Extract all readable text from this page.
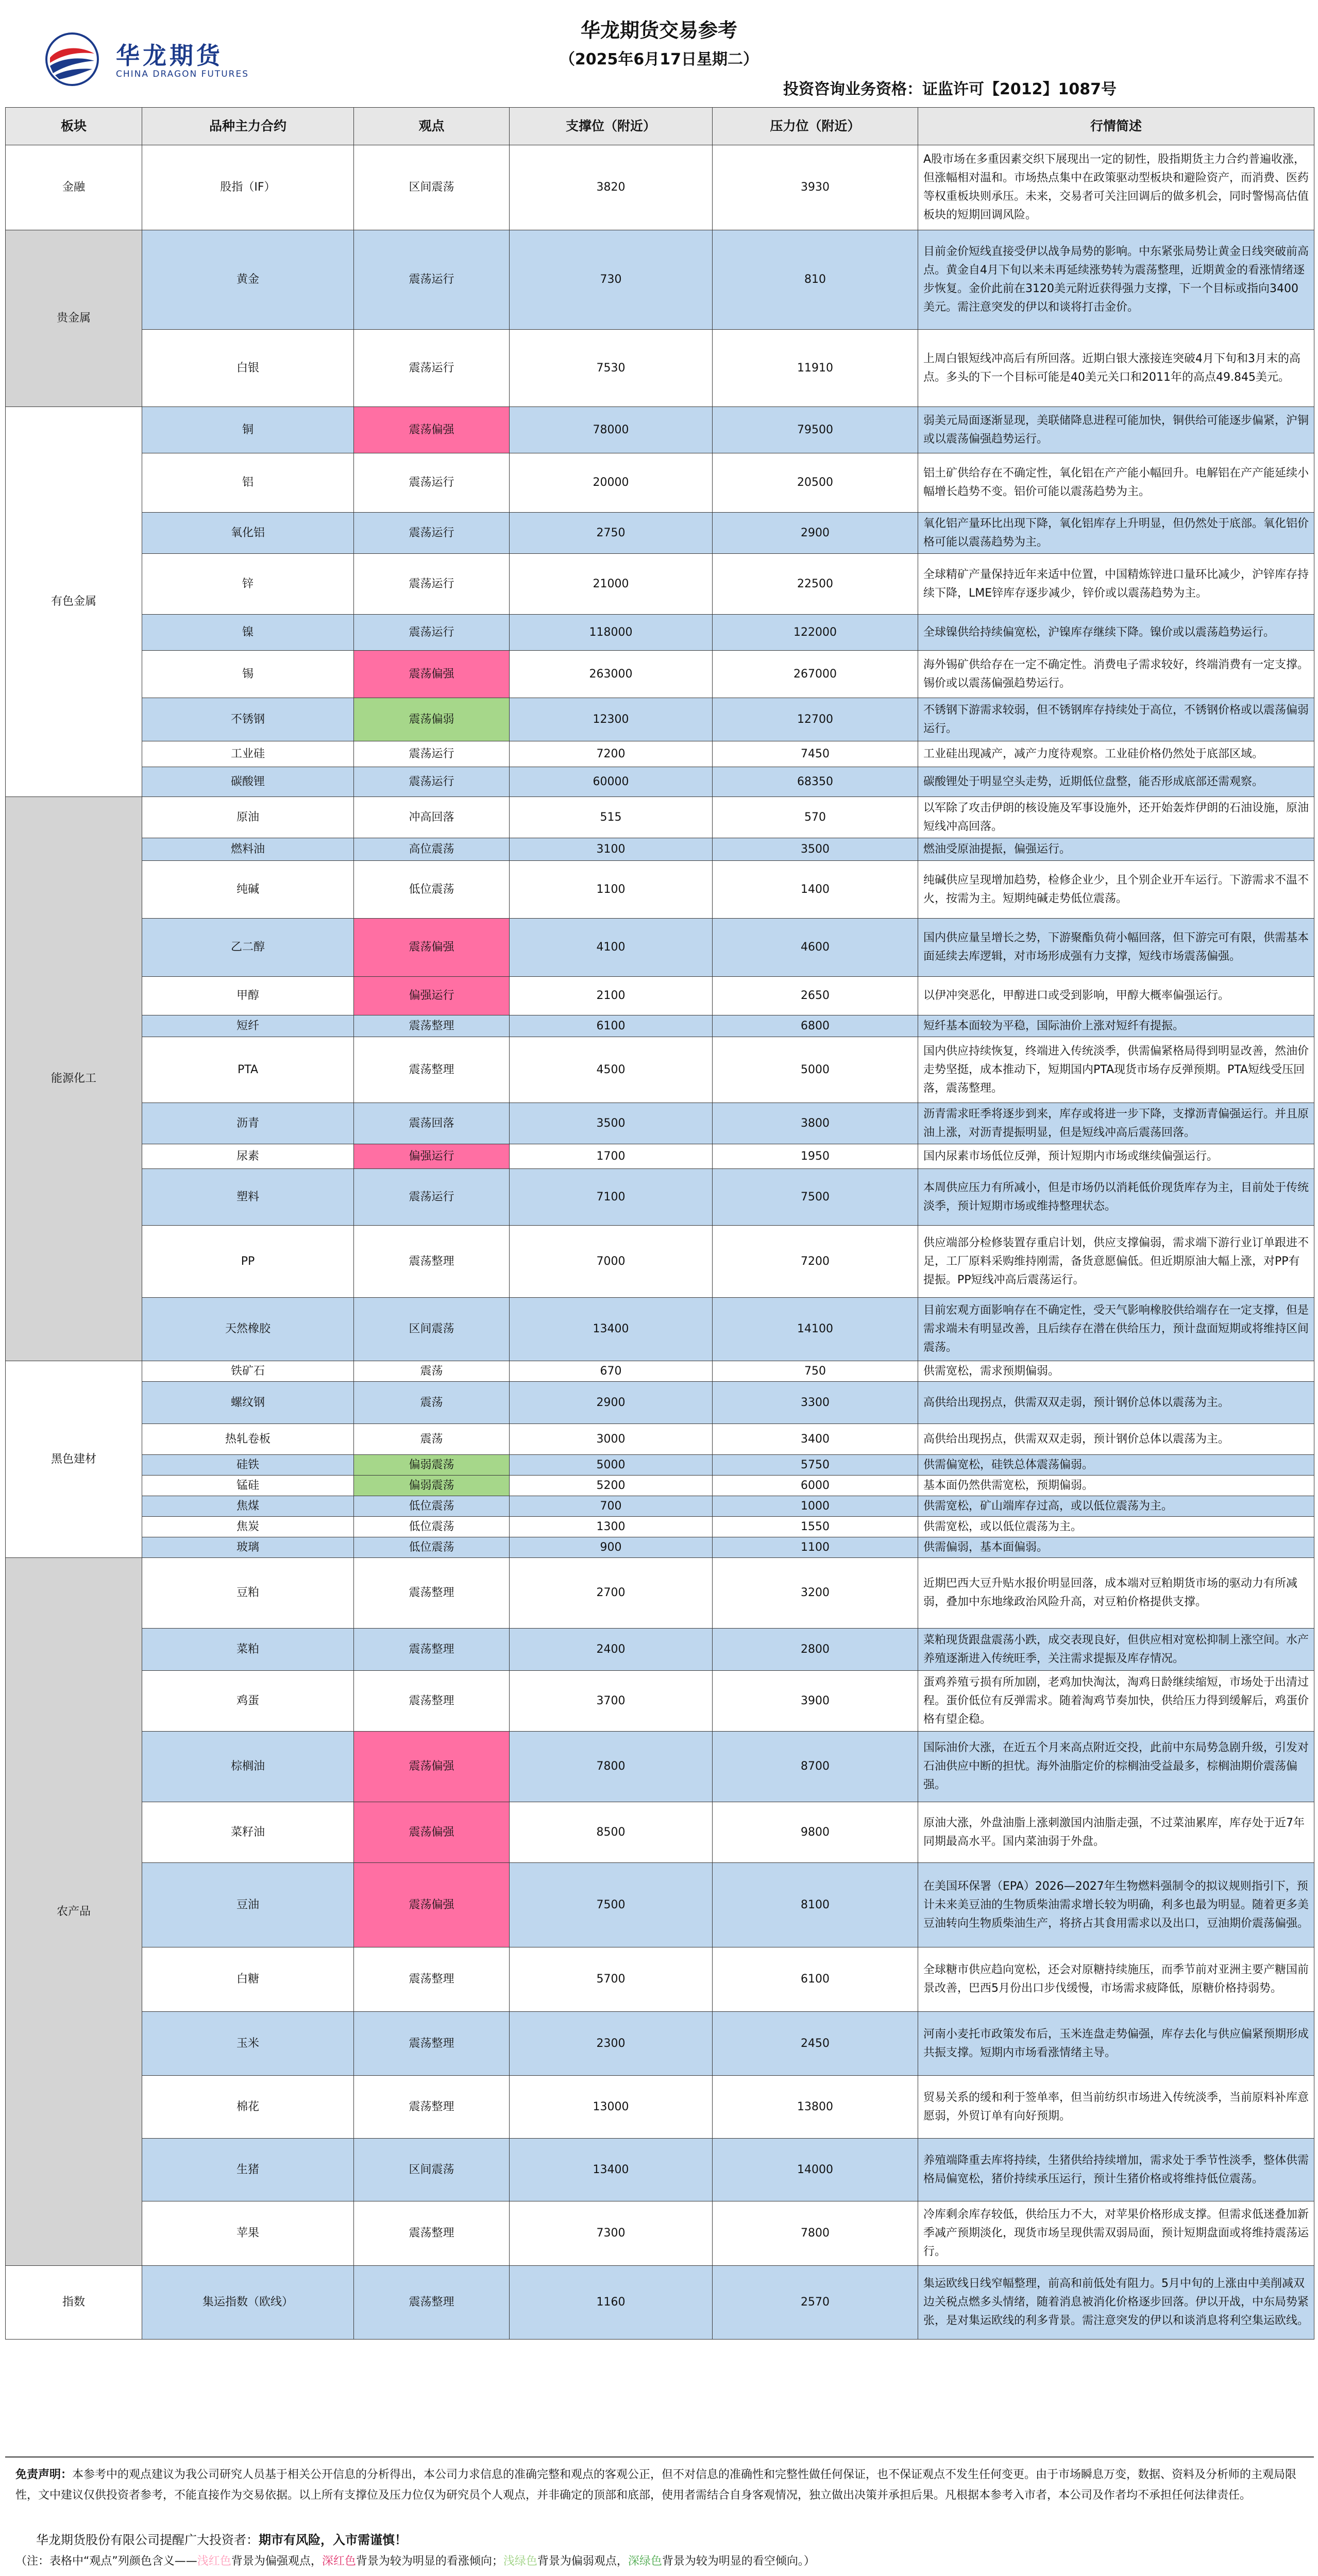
华龙期货
CHINA DRAGON FUTURES
华龙期货交易参考
（2025年6月17日星期二）
投资咨询业务资格：证监许可【2012】1087号
板块	品种主力合约	观点	支撑位（附近）	压力位（附近）	行情简述
金融	股指（IF）	区间震荡	3820	3930	A股市场在多重因素交织下展现出一定的韧性，股指期货主力合约普遍收涨，但涨幅相对温和。市场热点集中在政策驱动型板块和避险资产，而消费、医药等权重板块则承压。未来，交易者可关注回调后的做多机会，同时警惕高估值板块的短期回调风险。
贵金属	黄金	震荡运行	730	810	目前金价短线直接受伊以战争局势的影响。中东紧张局势让黄金日线突破前高点。黄金自4月下旬以来未再延续涨势转为震荡整理，近期黄金的看涨情绪逐步恢复。金价此前在3120美元附近获得强力支撑，下一个目标或指向3400美元。需注意突发的伊以和谈将打击金价。
	白银	震荡运行	7530	11910	上周白银短线冲高后有所回落。近期白银大涨接连突破4月下旬和3月末的高点。多头的下一个目标可能是40美元关口和2011年的高点49.845美元。
有色金属	铜	震荡偏强	78000	79500	弱美元局面逐渐显现，美联储降息进程可能加快，铜供给可能逐步偏紧，沪铜或以震荡偏强趋势运行。
	铝	震荡运行	20000	20500	铝土矿供给存在不确定性，氧化铝在产产能小幅回升。电解铝在产产能延续小幅增长趋势不变。铝价可能以震荡趋势为主。
	氧化铝	震荡运行	2750	2900	氧化铝产量环比出现下降，氧化铝库存上升明显，但仍然处于底部。氧化铝价格可能以震荡趋势为主。
	锌	震荡运行	21000	22500	全球精矿产量保持近年来适中位置，中国精炼锌进口量环比减少，沪锌库存持续下降，LME锌库存逐步减少，锌价或以震荡趋势为主。
	镍	震荡运行	118000	122000	全球镍供给持续偏宽松，沪镍库存继续下降。镍价或以震荡趋势运行。
	锡	震荡偏强	263000	267000	海外锡矿供给存在一定不确定性。消费电子需求较好，终端消费有一定支撑。锡价或以震荡偏强趋势运行。
	不锈钢	震荡偏弱	12300	12700	不锈钢下游需求较弱，但不锈钢库存持续处于高位，不锈钢价格或以震荡偏弱运行。
	工业硅	震荡运行	7200	7450	工业硅出现减产，减产力度待观察。工业硅价格仍然处于底部区域。
	碳酸锂	震荡运行	60000	68350	碳酸锂处于明显空头走势，近期低位盘整，能否形成底部还需观察。
能源化工	原油	冲高回落	515	570	以军除了攻击伊朗的核设施及军事设施外，还开始轰炸伊朗的石油设施，原油短线冲高回落。
	燃料油	高位震荡	3100	3500	燃油受原油提振，偏强运行。
	纯碱	低位震荡	1100	1400	纯碱供应呈现增加趋势，检修企业少，且个别企业开车运行。下游需求不温不火，按需为主。短期纯碱走势低位震荡。
	乙二醇	震荡偏强	4100	4600	国内供应量呈增长之势，下游聚酯负荷小幅回落，但下游完可有限，供需基本面延续去库逻辑，对市场形成强有力支撑，短线市场震荡偏强。
	甲醇	偏强运行	2100	2650	以伊冲突恶化，甲醇进口或受到影响，甲醇大概率偏强运行。
	短纤	震荡整理	6100	6800	短纤基本面较为平稳，国际油价上涨对短纤有提振。
	PTA	震荡整理	4500	5000	国内供应持续恢复，终端进入传统淡季，供需偏紧格局得到明显改善，然油价走势坚挺，成本推动下，短期国内PTA现货市场存反弹预期。PTA短线受压回落，震荡整理。
	沥青	震荡回落	3500	3800	沥青需求旺季将逐步到来，库存或将进一步下降，支撑沥青偏强运行。并且原油上涨，对沥青提振明显，但是短线冲高后震荡回落。
	尿素	偏强运行	1700	1950	国内尿素市场低位反弹，预计短期内市场或继续偏强运行。
	塑料	震荡运行	7100	7500	本周供应压力有所减小，但是市场仍以消耗低价现货库存为主，目前处于传统淡季，预计短期市场或维持整理状态。
	PP	震荡整理	7000	7200	供应端部分检修装置存重启计划，供应支撑偏弱，需求端下游行业订单跟进不足，工厂原料采购维持刚需，备货意愿偏低。但近期原油大幅上涨，对PP有提振。PP短线冲高后震荡运行。
	天然橡胶	区间震荡	13400	14100	目前宏观方面影响存在不确定性，受天气影响橡胶供给端存在一定支撑，但是需求端未有明显改善，且后续存在潜在供给压力，预计盘面短期或将维持区间震荡。
黑色建材	铁矿石	震荡	670	750	供需宽松，需求预期偏弱。
	螺纹钢	震荡	2900	3300	高供给出现拐点，供需双双走弱，预计钢价总体以震荡为主。
	热轧卷板	震荡	3000	3400	高供给出现拐点，供需双双走弱，预计钢价总体以震荡为主。
	硅铁	偏弱震荡	5000	5750	供需偏宽松，硅铁总体震荡偏弱。
	锰硅	偏弱震荡	5200	6000	基本面仍然供需宽松，预期偏弱。
	焦煤	低位震荡	700	1000	供需宽松，矿山端库存过高，或以低位震荡为主。
	焦炭	低位震荡	1300	1550	供需宽松，或以低位震荡为主。
	玻璃	低位震荡	900	1100	供需偏弱，基本面偏弱。
农产品	豆粕	震荡整理	2700	3200	近期巴西大豆升贴水报价明显回落，成本端对豆粕期货市场的驱动力有所减弱，叠加中东地缘政治风险升高，对豆粕价格提供支撑。
	菜粕	震荡整理	2400	2800	菜粕现货跟盘震荡小跌，成交表现良好，但供应相对宽松抑制上涨空间。水产养殖逐渐进入传统旺季，关注需求提振及库存情况。
	鸡蛋	震荡整理	3700	3900	蛋鸡养殖亏损有所加剧，老鸡加快淘汰，淘鸡日龄继续缩短，市场处于出清过程。蛋价低位有反弹需求。随着淘鸡节奏加快，供给压力得到缓解后，鸡蛋价格有望企稳。
	棕榈油	震荡偏强	7800	8700	国际油价大涨，在近五个月来高点附近交投，此前中东局势急剧升级，引发对石油供应中断的担忧。海外油脂定价的棕榈油受益最多，棕榈油期价震荡偏强。
	菜籽油	震荡偏强	8500	9800	原油大涨，外盘油脂上涨刺激国内油脂走强，不过菜油累库，库存处于近7年同期最高水平。国内菜油弱于外盘。
	豆油	震荡偏强	7500	8100	在美国环保署（EPA）2026—2027年生物燃料强制令的拟议规则指引下，预计未来美豆油的生物质柴油需求增长较为明确，利多也最为明显。随着更多美豆油转向生物质柴油生产，将挤占其食用需求以及出口，豆油期价震荡偏强。
	白糖	震荡整理	5700	6100	全球糖市供应趋向宽松，还会对原糖持续施压，而季节前对亚洲主要产糖国前景改善，巴西5月份出口步伐缓慢，市场需求疲降低，原糖价格持弱势。
	玉米	震荡整理	2300	2450	河南小麦托市政策发布后，玉米连盘走势偏强，库存去化与供应偏紧预期形成共振支撑。短期内市场看涨情绪主导。
	棉花	震荡整理	13000	13800	贸易关系的缓和利于签单率，但当前纺织市场进入传统淡季，当前原料补库意愿弱，外贸订单有向好预期。
	生猪	区间震荡	13400	14000	养殖端降重去库将持续，生猪供给持续增加，需求处于季节性淡季，整体供需格局偏宽松，猪价持续承压运行，预计生猪价格或将维持低位震荡。
	苹果	震荡整理	7300	7800	冷库剩余库存较低，供给压力不大，对苹果价格形成支撑。但需求低迷叠加新季减产预期淡化，现货市场呈现供需双弱局面，预计短期盘面或将维持震荡运行。
指数	集运指数（欧线）	震荡整理	1160	2570	集运欧线日线窄幅整理，前高和前低处有阻力。5月中旬的上涨由中美削减双边关税点燃多头情绪，随着消息被消化价格逐步回落。伊以开战，中东局势紧张，是对集运欧线的利多背景。需注意突发的伊以和谈消息将利空集运欧线。
免责声明：本参考中的观点建议为我公司研究人员基于相关公开信息的分析得出，本公司力求信息的准确完整和观点的客观公正，但不对信息的准确性和完整性做任何保证，也不保证观点不发生任何变更。由于市场瞬息万变，数据、资料及分析师的主观局限性，文中建议仅供投资者参考，不能直接作为交易依据。以上所有支撑位及压力位仅为研究员个人观点，并非确定的顶部和底部，使用者需结合自身客观情况，独立做出决策并承担后果。凡根据本参考入市者，本公司及作者均不承担任何法律责任。
华龙期货股份有限公司提醒广大投资者：期市有风险，入市需谨慎！
（注：表格中“观点”列颜色含义——浅红色背景为偏强观点，深红色背景为较为明显的看涨倾向；浅绿色背景为偏弱观点，深绿色背景为较为明显的看空倾向。）
